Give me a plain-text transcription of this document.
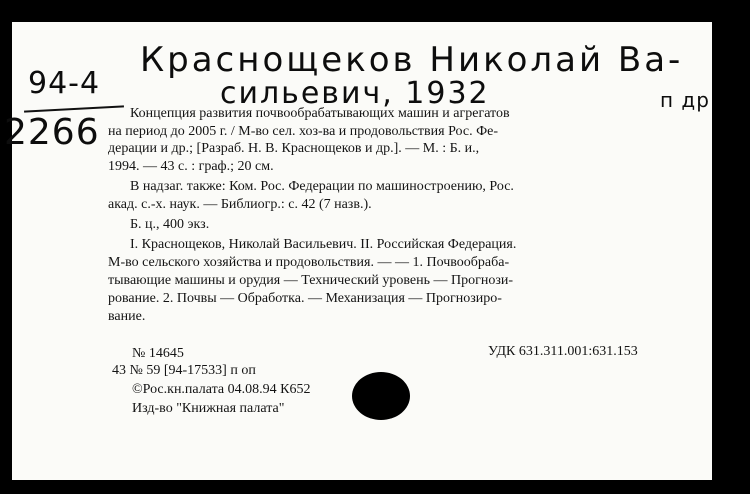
Краснощеков Николай Ва-
сильевич, 1932	п др
94-4
2266 Концепция развития почвообрабатывающих машин и агрегатов
на период до 2005 г. / М-во сел. хоз-ва и продовольствия Рос. Фе-
дерации и др.; [Разраб. Н. В. Краснощеков и др.]. — М. : Б. и.,
1994. — 43 с. : граф.; 20 см.
В надзаг. также: Ком. Рос. Федерации по машиностроению, Рос.
акад. с.-х. наук. — Библиогр.: с. 42 (7 назв.).
Б. ц., 400 экз.
I. Краснощеков, Николай Васильевич. II. Российская Федерация.
М-во сельского хозяйства и продовольствия. — — 1. Почвообраба-
тывающие машины и орудия — Технический уровень — Прогнози-
рование. 2. Почвы — Обработка. — Механизация — Прогнозиро-
вание.
№ 14645	УДК 631.311.001:631.153
43 № 59 [94-17533] п оп
©Рос.кн.палата 04.08.94 К652
Изд-во "Книжная палата"
